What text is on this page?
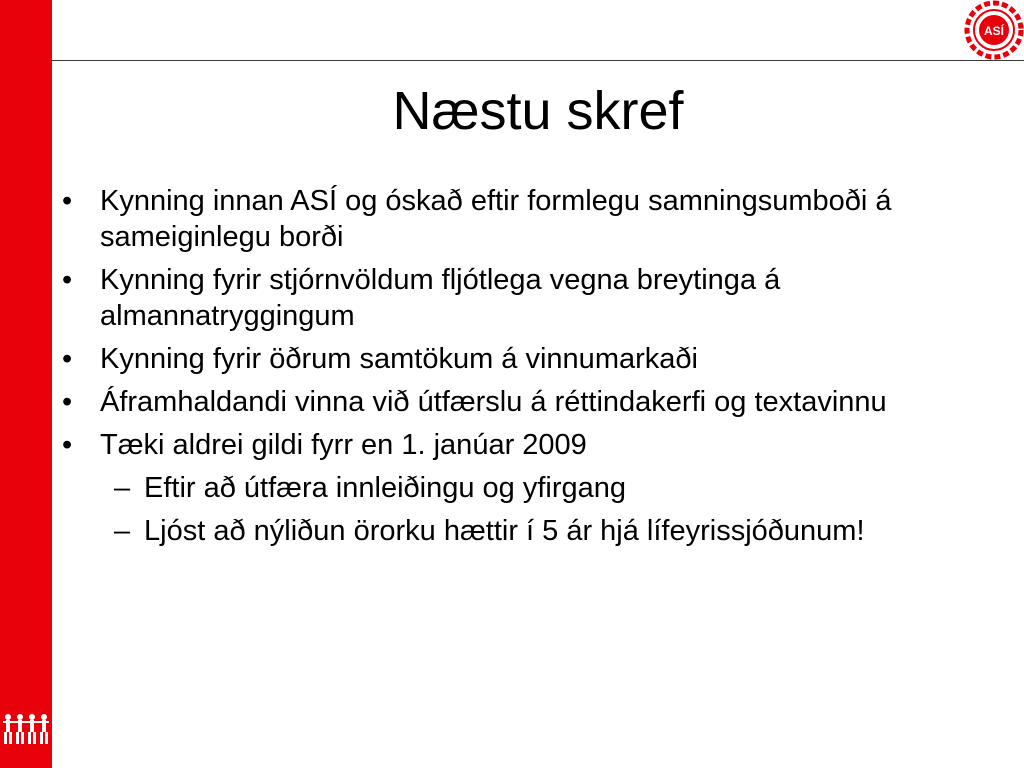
ASÍ
Næstu skref
• Kynning innan ASÍ og óskað eftir formlegu samningsumboði á sameiginlegu borði
• Kynning fyrir stjórnvöldum fljótlega vegna breytinga á almannatryggingum
• Kynning fyrir öðrum samtökum á vinnumarkaði
• Áframhaldandi vinna við útfærslu á réttindakerfi og textavinnu
• Tæki aldrei gildi fyrr en 1. janúar 2009
– Eftir að útfæra innleiðingu og yfirgang
– Ljóst að nýliðun örorku hættir í 5 ár hjá lífeyrissjóðunum!
